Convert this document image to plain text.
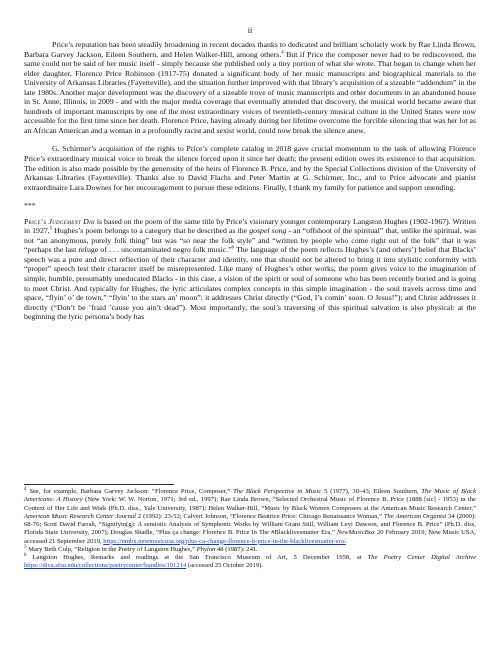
ii

Price’s reputation has been steadily broadening in recent decades thanks to dedicated and brilliant scholarly work by Rae Linda Brown, Barbara Garvey Jackson, Eileen Southern, and Helen Walker-Hill, among others.$^4$ But if Price the composer never had to be rediscovered, the same could not be said of her music itself - simply because she published only a tiny portion of what she wrote. That began to change when her elder daughter, Florence Price Robinson (1917-75) donated a significant body of her music manuscripts and biographical materials to the University of Arkansas Libraries (Fayetteville), and the situation further improved with that library’s acquisition of a sizeable “addendum” in the late 1980s. Another major development was the discovery of a sizeable trove of music manuscripts and other documents in an abandoned house in St. Anne, Illinois, in 2009 - and with the major media coverage that eventually attended that discovery, the musical world became aware that hundreds of important manuscripts by one of the most extraordinary voices of twentieth-century musical culture in the United States were now accessible for the first time since her death. Florence Price, having already during her lifetime overcome the forcible silencing that was her lot as an African American and a woman in a profoundly racist and sexist world, could now break the silence anew.

G. Schirmer’s acquisition of the rights to Price’s complete catalog in 2018 gave crucial momentum to the task of allowing Florence Price’s extraordinary musical voice to break the silence forced upon it since her death; the present edition owes its existence to that acquisition. The edition is also made possible by the generosity of the heirs of Florence B. Price, and by the Special Collections division of the University of Arkansas Libraries (Fayetteville). Thanks also to David Flachs and Peter Martin at G. Schirmer, Inc., and to Price advocate and pianist extraordinaire Lara Downes for her encouragement to pursue these editions. Finally, I thank my family for patience and support unending.

***

Price’s Judgement Day is based on the poem of the same title by Price’s visionary younger contemporary Langston Hughes (1902-1967). Written in 1927,$^5$ Hughes’s poem belongs to a category that he described as the gospel song - an “offshoot of the spiritual” that, unlike the spiritual, was not “an anonymous, purely folk thing” but was “so near the folk style” and “written by people who come right out of the folk” that it was “perhaps the last refuge of . . . uncontaminated negro folk music.”$^6$ The language of the poem reflects Hughes’s (and others’) belief that Blacks’ speech was a pure and direct reflection of their character and identity, one that should not be altered to bring it into stylistic conformity with “proper” speech lest their character itself be misrepresented. Like many of Hughes’s other works, the poem gives voice to the imagination of simple, humble, presumably uneducated Blacks - in this case, a vision of the spirit or soul of someone who has been recently buried and is going to meet Christ. And typically for Hughes, the lyric articulates complex concepts in this simple imagination - the soul travels across time and space, “flyin’ o’ de town,” “flyin’ to the stars an’ moon”; it addresses Christ directly (“God, I’s comin’ soon. O Jesus!”); and Christ addresses it directly (“Don’t be ’fraid ’cause you ain’t dead”). Most importantly, the soul’s traversing of this spiritual salvation is also physical: at the beginning the lyric persona’s body has

$^4$ See, for example, Barbara Garvey Jackson: “Florence Price, Composer,” The Black Perspective in Music 5 (1977), 30–43; Eileen Southern, The Music of Black Americans: A History (New York: W. W. Norton, 1971; 3rd ed., 1997); Rae Linda Brown, “Selected Orchestral Music of Florence B. Price (1888 [sic] - 1953) in the Context of Her Life and Work (Ph.D. diss., Yale University, 1987); Helen Walker-Hill, “Music by Black Women Composers at the American Music Research Center,” American Music Research Center Journal 2 (1992): 23-52; Calvert Johnson, “Florence Beatrice Price: Chicago Renaissance Woman,” The American Organist 34 (2000): 68-76; Scott David Farrah, “Signifyin(g): A semiotic Analysis of Symphonic Works by William Grant Still, William Levi Dawson, and Florence B. Price” (Ph.D. diss, Florida State University, 2007); Douglas Shadle, “Plus ça change: Florence B. Price In The #Blacklivesmatter Era,” NewMusicBox 20 February 2019, New Music USA, accessed 21 September 2019, https://nmbx.newmusicusa.org/plus-ca-change-florence-b-price-in-the-blacklivesmatter-era/.

$^5$ Mary Beth Culp, “Religion in the Poetry of Langston Hughes,” Phylon 48 (1987): 241.

$^6$ Langston Hughes, Remarks and readings at the San Francisco Museum of Art, 5 December 1958, at The Poetry Center Digital Archive https://diva.sfsu.edu/collections/poetrycenter/bundles/191214 (accessed 25 October 2019).
